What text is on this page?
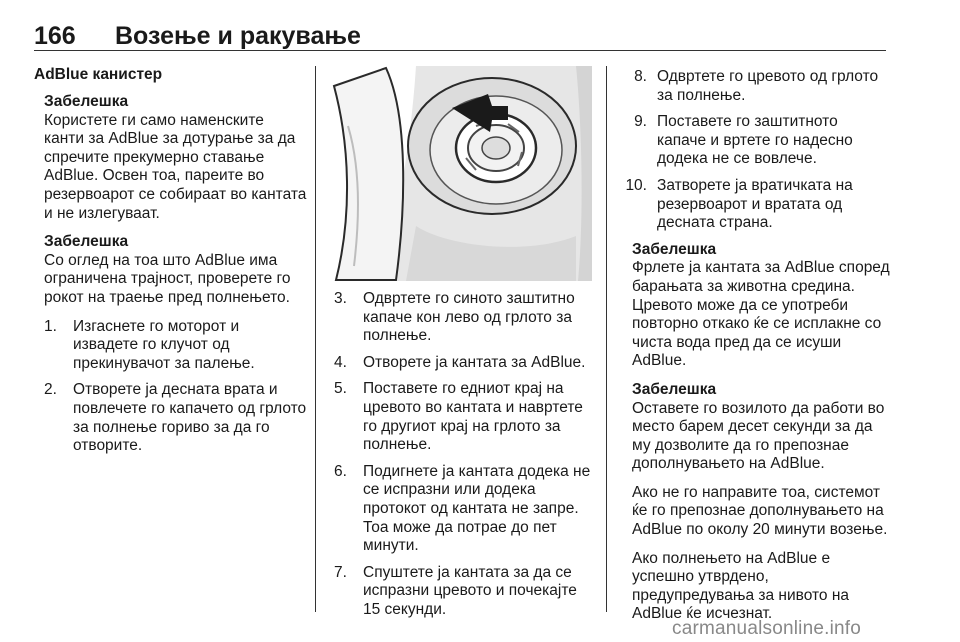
166 Возење и ракување
AdBlue канистер

Забелешка

Користете ги само наменските канти за AdBlue за дотурање за да спречите прекумерно ставање AdBlue. Освен тоа, пареите во резервоарот се собираат во кантата и не излегуваат.

Забелешка

Со оглед на тоа што AdBlue има ограничена трајност, проверете го рокот на траење пред полнењето.

1. Изгаснете го моторот и извадете го клучот од прекинувачот за палење.
2. Отворете ја десната врата и повлечете го капачето од грлото за полнење гориво за да го отворите.
3. Одвртете го синото заштитно капаче кон лево од грлото за полнење.
4. Отворете ја кантата за AdBlue.
5. Поставете го едниот крај на цревото во кантата и навртете го другиот крај на грлото за полнење.
6. Подигнете ја кантата додека не се испразни или додека протокот од кантата не запре. Тоа може да потрае до пет минути.
7. Спуштете ја кантата за да се испразни цревото и почекајте 15 секунди.
8. Одвртете го цревото од грлото за полнење.
9. Поставете го заштитното капаче и вртете го надесно додека не се вовлече.
10. Затворете ја вратичката на резервоарот и вратата од десната страна.

Забелешка

Фрлете ја кантата за AdBlue според барањата за животна средина. Цревото може да се употреби повторно откако ќе се исплакне со чиста вода пред да се исуши AdBlue.

Забелешка

Оставете го возилото да работи во место барем десет секунди за да му дозволите да го препознае дополнувањето на AdBlue.

Ако не го направите тоа, системот ќе го препознае дополнувањето на AdBlue по околу 20 минути возење.

Ако полнењето на AdBlue е успешно утврдено, предупредувања за нивото на AdBlue ќе исчезнат.

carmanualsonline.info
